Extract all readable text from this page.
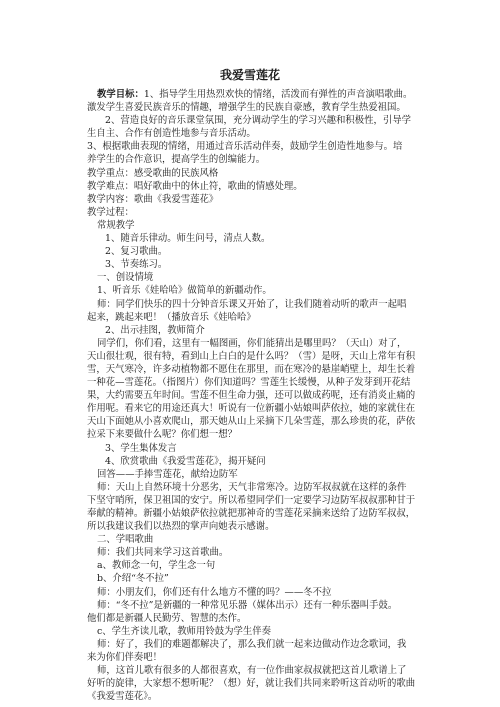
我爱雪莲花
教学目标：1、指导学生用热烈欢快的情绪，活泼而有弹性的声音演唱歌曲。
激发学生喜爱民族音乐的情趣，增强学生的民族自豪感，教育学生热爱祖国。
2、营造良好的音乐课堂氛围，充分调动学生的学习兴趣和积极性，引导学
生自主、合作有创造性地参与音乐活动。
3、根据歌曲表现的情绪，用通过音乐活动伴奏，鼓励学生创造性地参与。培
养学生的合作意识，提高学生的创编能力。
教学重点：感受歌曲的民族风格
教学难点：唱好歌曲中的休止符，歌曲的情感处理。
教学内容：歌曲《我爱雪莲花》
教学过程：
常规教学
1、随音乐律动。师生问号，清点人数。
2、复习歌曲。
3、节奏练习。
一、创设情境
1、听音乐《娃哈哈》做简单的新疆动作。
师：同学们快乐的四十分钟音乐课又开始了，让我们随着动听的歌声一起唱
起来，跳起来吧！（播放音乐《娃哈哈》
2、出示挂图，教师简介
同学们，你们看，这里有一幅图画，你们能猜出是哪里吗？（天山）对了，
天山很壮观，很有特，看到山上白白的是什么吗？（雪）是呀，天山上常年有积
雪，天气寒冷，许多动植物都不愿住在那里，而在寒冷的悬崖峭壁上，却生长着
一种花—雪莲花。（指图片）你们知道吗？雪莲生长缓慢，从种子发芽到开花结
果，大约需要五年时间。雪莲不但生命力强，还可以做成药呢，还有消炎止痛的
作用呢。看来它的用途还真大！听说有一位新疆小姑娘叫萨依拉，她的家就住在
天山下面她从小喜欢爬山，那天她从山上采摘下几朵雪莲，那么珍贵的花，萨依
拉采下来要做什么呢？你们想一想？
3、学生集体发言
4、欣赏歌曲《我爱雪莲花》，揭开疑问
回答——手捧雪莲花，献给边防军
师：天山上自然环境十分恶劣，天气非常寒冷。边防军叔叔就在这样的条件
下坚守哨所，保卫祖国的安宁。所以希望同学们一定要学习边防军叔叔那种甘于
奉献的精神。新疆小姑娘萨依拉就把那神奇的雪莲花采摘来送给了边防军叔叔，
所以我建议我们以热烈的掌声向她表示感谢。
二、学唱歌曲
师：我们共同来学习这首歌曲。
a、教师念一句，学生念一句
b、介绍“冬不拉”
师：小朋友们，你们还有什么地方不懂的吗？——冬不拉
师：“冬不拉”是新疆的一种常见乐器（媒体出示）还有一种乐器叫手鼓。
他们都是新疆人民勤劳、智慧的杰作。
c、学生齐读儿歌，教师用铃鼓为学生伴奏
师：好了，我们的难题都解决了，那么我们就一起来边做动作边念歌词，我
来为你们伴奏吧！
师，这首儿歌有很多的人都很喜欢，有一位作曲家叔叔就把这首儿歌谱上了
好听的旋律，大家想不想听呢？（想）好，就让我们共同来聆听这首动听的歌曲
《我爱雪莲花》。
